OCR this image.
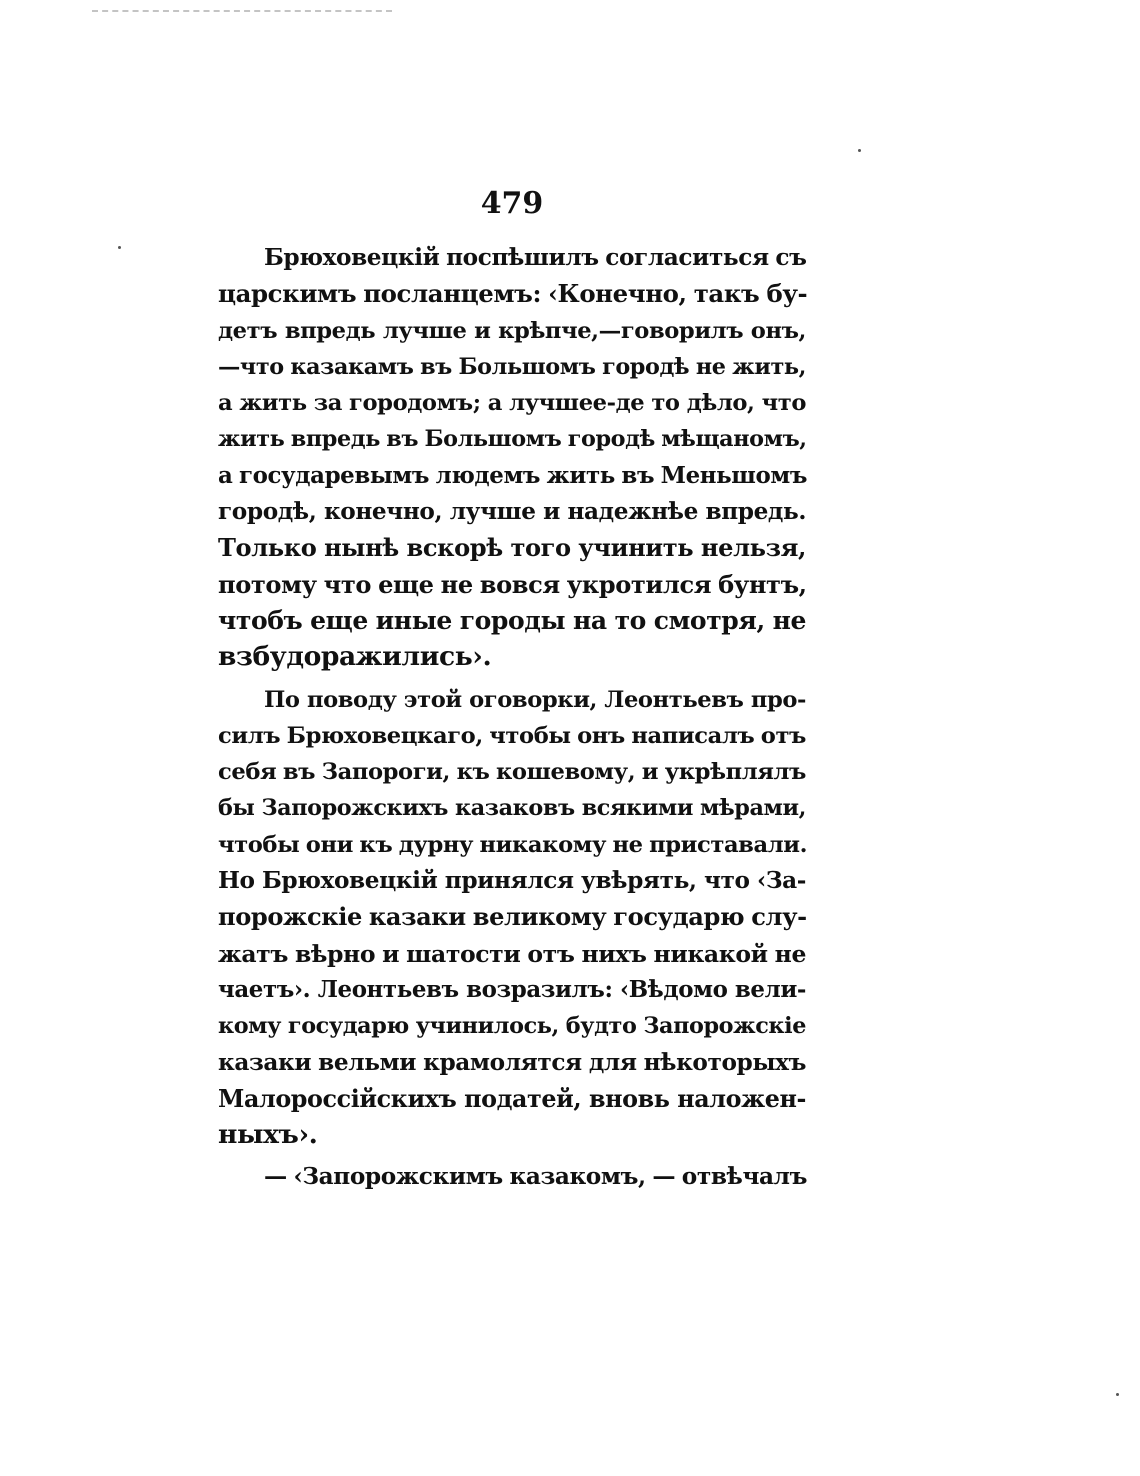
479
Брюховецкій поспѣшилъ согласиться съ
царскимъ посланцемъ: ‹Конечно, такъ бу-
детъ впредь лучше и крѣпче,—говорилъ онъ,
—что казакамъ въ Большомъ городѣ не жить,
а жить за городомъ; а лучшее-де то дѣло, что
жить впредь въ Большомъ городѣ мѣщаномъ,
а государевымъ людемъ жить въ Меньшомъ
городѣ, конечно, лучше и надежнѣе впредь.
Только нынѣ вскорѣ того учинить нельзя,
потому что еще не вовся укротился бунтъ,
чтобъ еще иные городы на то смотря, не
взбудоражились›.
По поводу этой оговорки, Леонтьевъ про-
силъ Брюховецкаго, чтобы онъ написалъ отъ
себя въ Запороги, къ кошевому, и укрѣплялъ
бы Запорожскихъ казаковъ всякими мѣрами,
чтобы они къ дурну никакому не приставали.
Но Брюховецкій принялся увѣрять, что ‹За-
порожскіе казаки великому государю слу-
жатъ вѣрно и шатости отъ нихъ никакой не
чаетъ›. Леонтьевъ возразилъ: ‹Вѣдомо вели-
кому государю учинилось, будто Запорожскіе
казаки вельми крамолятся для нѣкоторыхъ
Малороссійскихъ податей, вновь наложен-
ныхъ›.
— ‹Запорожскимъ казакомъ, — отвѣчалъ
